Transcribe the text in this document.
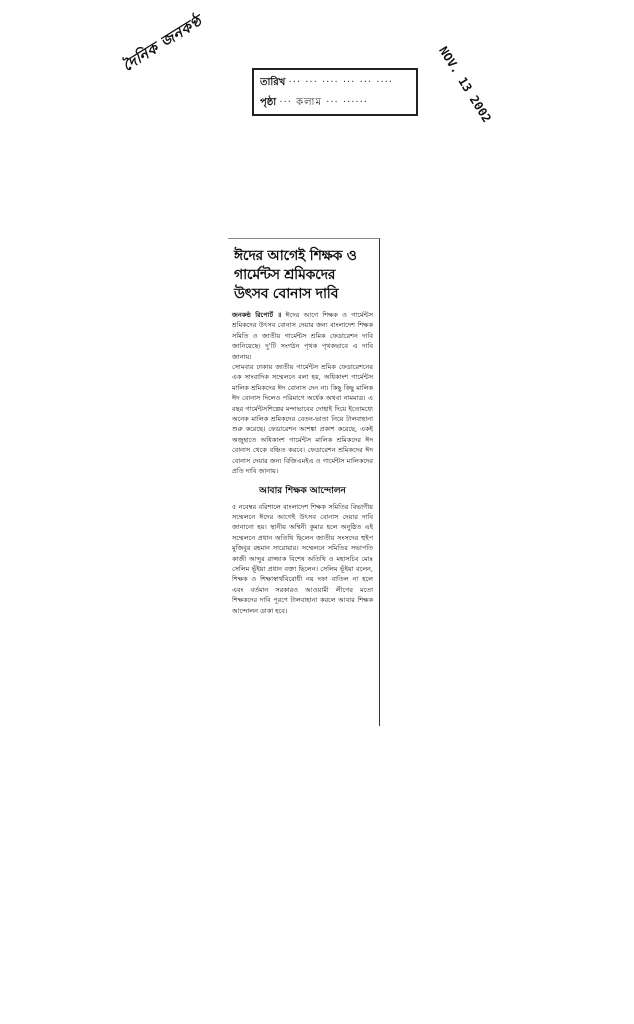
দৈনিক জনকণ্ঠ
তারিখ ··· ··· ···· ··· ··· ····
পৃষ্ঠা ··· কলাম ··· ······	NOV. 13 2002
ঈদের আগেই শিক্ষক ও
গার্মেন্টস শ্রমিকদের
উৎসব বোনাস দাবি

জনকণ্ঠ রিপোর্ট ॥ ঈদের আগে শিক্ষক ও গার্মেন্টস শ্রমিকদের উৎসব বোনাস দেয়ার জন্য বাংলাদেশ শিক্ষক সমিতি ও জাতীয় গার্মেন্টস শ্রমিক ফেডারেশন দাবি জানিয়েছে। দু'টি সংগঠন পৃথক পৃথকভাবে এ দাবি জানায়।

সোমবার ঢাকায় জাতীয় গার্মেন্টস শ্রমিক ফেডারেশনের এক সাংবাদিক সম্মেলনে বলা হয়, অধিকাংশ গার্মেন্টস মালিক শ্রমিকদের ঈদ বোনাস দেন না। কিছু কিছু মালিক ঈদ বোনাস দিলেও পরিমাণে অর্ধেক অথবা নামমাত্র। এ বছর গার্মেন্টসশিল্পের মন্দাভাবের দোহাই দিয়ে ইতোমধ্যে অনেক মালিক শ্রমিকদের বেতন-ভাতা নিয়ে টালবাহানা শুরু করেছে। ফেডারেশন আশঙ্কা প্রকাশ করেছে, একই অজুহাতে অধিকাংশ গার্মেন্টস মালিক শ্রমিকদের ঈদ বোনাস থেকে বঞ্চিত করবে। ফেডারেশন শ্রমিকদের ঈদ বোনাস দেয়ার জন্য বিজিএমইএ ও গার্মেন্টস মালিকদের প্রতি দাবি জানায়।

আবার শিক্ষক আন্দোলন

৫ নবেম্বর বরিশালে বাংলাদেশ শিক্ষক সমিতির বিভাগীয় সম্মেলনে ঈদের আগেই উৎসব বোনাস দেয়ার দাবি জানানো হয়। স্থানীয় অশ্বিনী কুমার হলে অনুষ্ঠিত এই সম্মেলনে প্রধান অতিথি ছিলেন জাতীয় সংসদের হুইপ মুজিবুর রহমান সারোয়ার। সম্মেলনে সমিতির সভাপতি কাজী আব্দুর রাজ্জাক বিশেষ অতিথি ও মহাসচিব মোঃ সেলিম ভূঁইয়া প্রধান বক্তা ছিলেন। সেলিম ভূঁইয়া বলেন, শিক্ষক ও শিক্ষাস্বার্থবিরোধী নয় দফা বাতিল না হলে এবং বর্তমান সরকারও আওয়ামী লীগের মতো শিক্ষকদের দাবি পূরণে টালবাহানা করলে আবার শিক্ষক আন্দোলন ডাকা হবে।
